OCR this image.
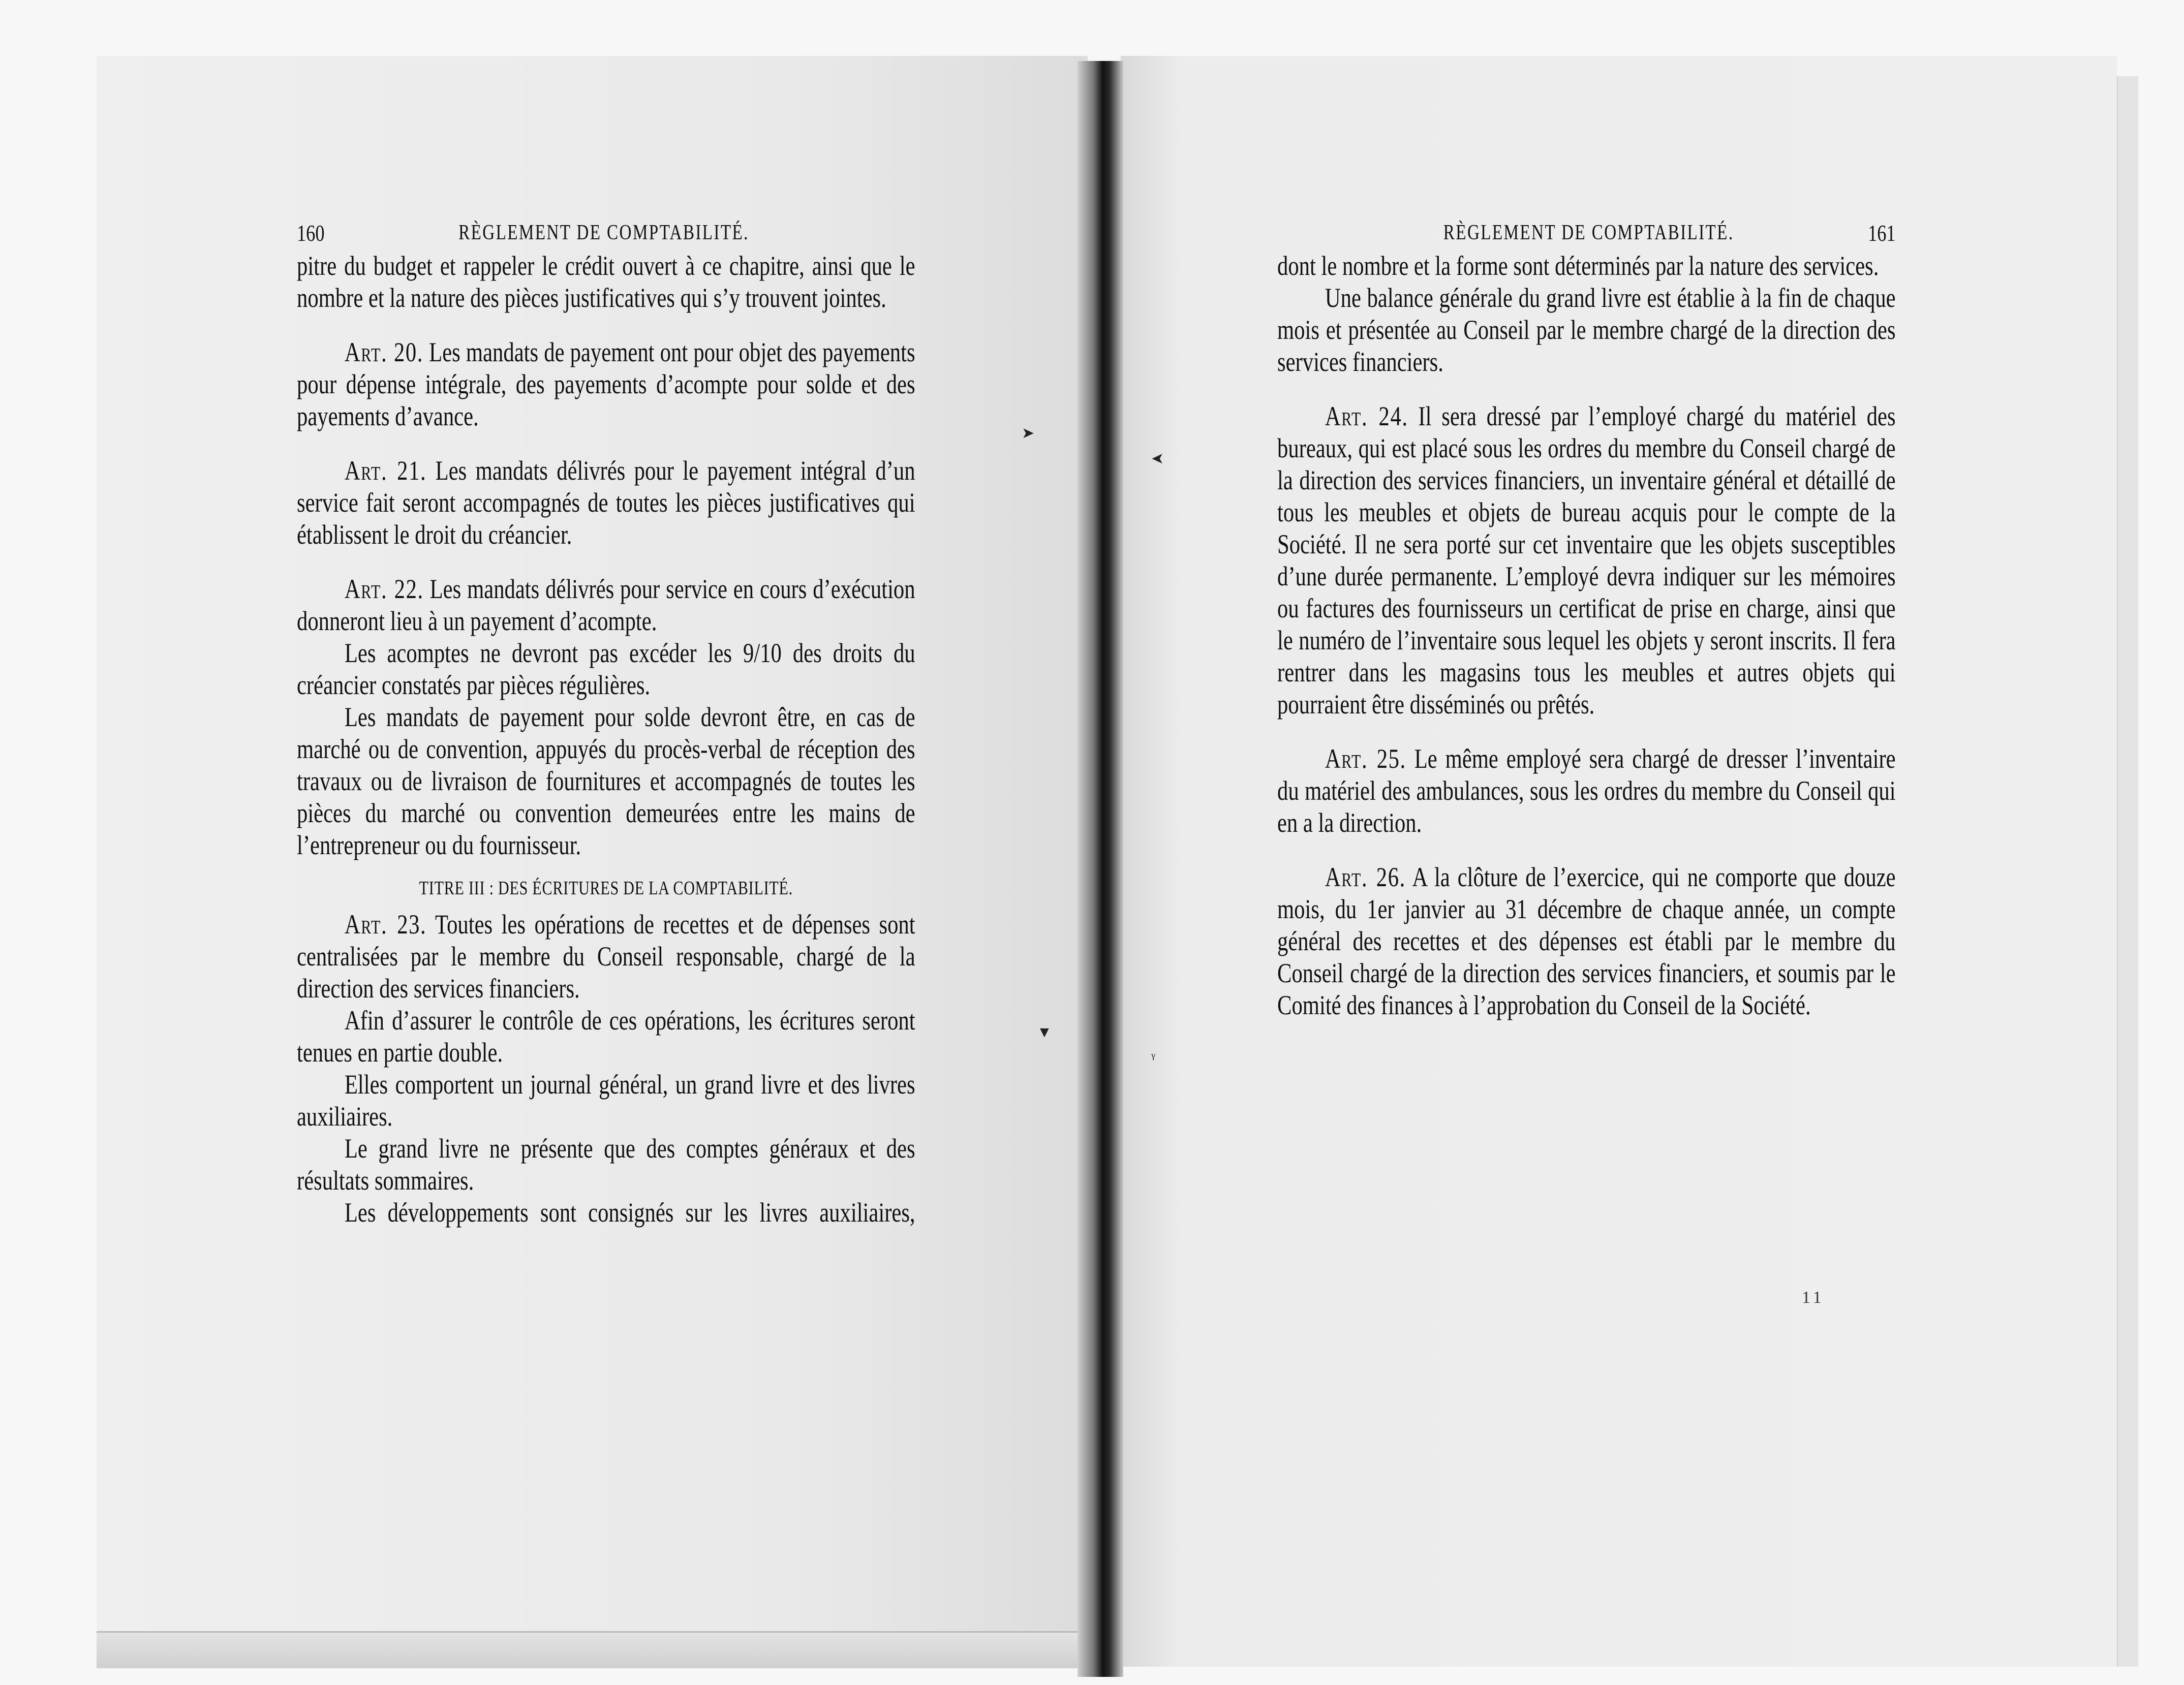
➤
➤
▼
ᵞ
160	RÈGLEMENT DE COMPTABILITÉ.

pitre du budget et rappeler le crédit ouvert à ce chapitre, ainsi que le nombre et la nature des pièces justificatives qui s’y trouvent jointes.

Art. 20. Les mandats de payement ont pour objet des payements pour dépense intégrale, des payements d’acompte pour solde et des payements d’avance.

Art. 21. Les mandats délivrés pour le payement intégral d’un service fait seront accompagnés de toutes les pièces justificatives qui établissent le droit du créancier.

Art. 22. Les mandats délivrés pour service en cours d’exécution donneront lieu à un payement d’acompte.

Les acomptes ne devront pas excéder les 9/10 des droits du créancier constatés par pièces régulières.

Les mandats de payement pour solde devront être, en cas de marché ou de convention, appuyés du procès-verbal de réception des travaux ou de livraison de fournitures et accompagnés de toutes les pièces du marché ou convention demeurées entre les mains de l’entrepreneur ou du fournisseur.

TITRE III : DES ÉCRITURES DE LA COMPTABILITÉ.

Art. 23. Toutes les opérations de recettes et de dépenses sont centralisées par le membre du Conseil responsable, chargé de la direction des services financiers.

Afin d’assurer le contrôle de ces opérations, les écritures seront tenues en partie double.

Elles comportent un journal général, un grand livre et des livres auxiliaires.

Le grand livre ne présente que des comptes généraux et des résultats sommaires.

Les développements sont consignés sur les livres auxiliaires,

RÈGLEMENT DE COMPTABILITÉ.	161

dont le nombre et la forme sont déterminés par la nature des services.

Une balance générale du grand livre est établie à la fin de chaque mois et présentée au Conseil par le membre chargé de la direction des services financiers.

Art. 24. Il sera dressé par l’employé chargé du matériel des bureaux, qui est placé sous les ordres du membre du Conseil chargé de la direction des services financiers, un inventaire général et détaillé de tous les meubles et objets de bureau acquis pour le compte de la Société. Il ne sera porté sur cet inventaire que les objets susceptibles d’une durée permanente. L’employé devra indiquer sur les mémoires ou factures des fournisseurs un certificat de prise en charge, ainsi que le numéro de l’inventaire sous lequel les objets y seront inscrits. Il fera rentrer dans les magasins tous les meubles et autres objets qui pourraient être disséminés ou prêtés.

Art. 25. Le même employé sera chargé de dresser l’inventaire du matériel des ambulances, sous les ordres du membre du Conseil qui en a la direction.

Art. 26. A la clôture de l’exercice, qui ne comporte que douze mois, du 1er janvier au 31 décembre de chaque année, un compte général des recettes et des dépenses est établi par le membre du Conseil chargé de la direction des services financiers, et soumis par le Comité des finances à l’approbation du Conseil de la Société.

11
